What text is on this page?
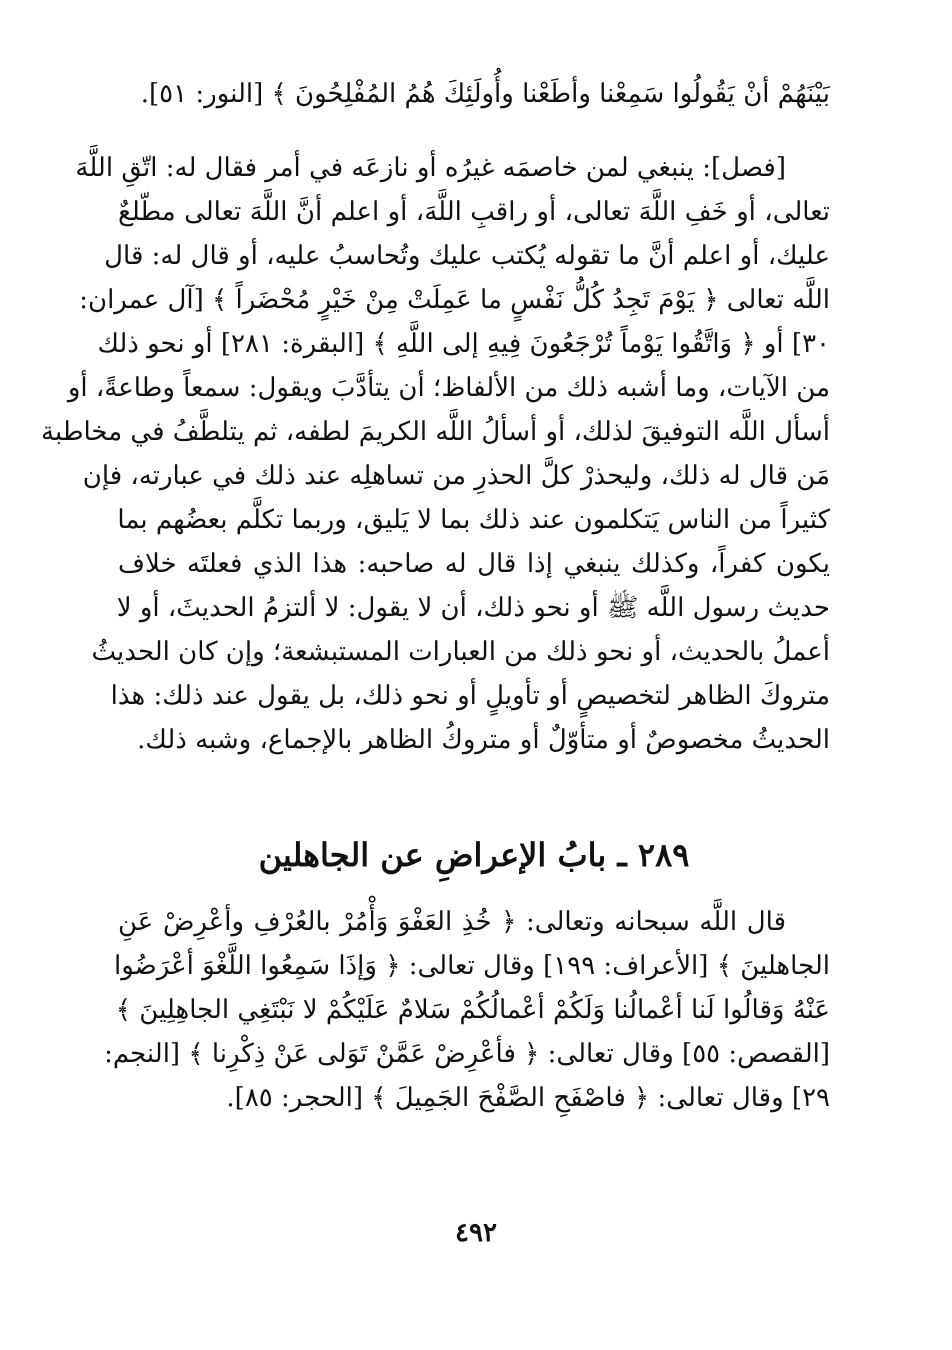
بَيْنَهُمْ أنْ يَقُولُوا سَمِعْنا وأطَعْنا وأُولَئِكَ هُمُ المُفْلِحُونَ ﴾ [النور: ٥١].
[فصل]: ينبغي لمن خاصمَه غيرُه أو نازعَه في أمر فقال له: اتّقِ اللَّهَ
تعالى، أو خَفِ اللَّهَ تعالى، أو راقبِ اللَّهَ، أو اعلم أنَّ اللَّهَ تعالى مطّلعٌ
عليك، أو اعلم أنَّ ما تقوله يُكتب عليك وتُحاسبُ عليه، أو قال له: قال
اللَّه تعالى ﴿ يَوْمَ تَجِدُ كُلُّ نَفْسٍ ما عَمِلَتْ مِنْ خَيْرٍ مُحْضَراً ﴾ [آل عمران:
٣٠] أو ﴿ وَاتَّقُوا يَوْماً تُرْجَعُونَ فِيهِ إلى اللَّهِ ﴾ [البقرة: ٢٨١] أو نحو ذلك
من الآيات، وما أشبه ذلك من الألفاظ؛ أن يتأدَّبَ ويقول: سمعاً وطاعةً، أو
أسأل اللَّه التوفيقَ لذلك، أو أسألُ اللَّه الكريمَ لطفه، ثم يتلطَّفُ في مخاطبة
مَن قال له ذلك، وليحذرْ كلَّ الحذرِ من تساهلِه عند ذلك في عبارته، فإن
كثيراً من الناس يَتكلمون عند ذلك بما لا يَليق، وربما تكلَّم بعضُهم بما
يكون كفراً، وكذلك ينبغي إذا قال له صاحبه: هذا الذي فعلتَه خلاف
حديث رسول اللَّه ﷺ أو نحو ذلك، أن لا يقول: لا ألتزمُ الحديثَ، أو لا
أعملُ بالحديث، أو نحو ذلك من العبارات المستبشعة؛ وإن كان الحديثُ
متروكَ الظاهر لتخصيصٍ أو تأويلٍ أو نحو ذلك، بل يقول عند ذلك: هذا
الحديثُ مخصوصٌ أو متأوّلٌ أو متروكُ الظاهر بالإجماع، وشبه ذلك.
٢٨٩ ـ بابُ الإعراضِ عن الجاهلين
قال اللَّه سبحانه وتعالى: ﴿ خُذِ العَفْوَ وَأْمُرْ بالعُرْفِ وأعْرِضْ عَنِ
الجاهلينَ ﴾ [الأعراف: ١٩٩] وقال تعالى: ﴿ وَإذَا سَمِعُوا اللَّغْوَ أعْرَضُوا
عَنْهُ وَقالُوا لَنا أعْمالُنا وَلَكُمْ أعْمالُكُمْ سَلامٌ عَلَيْكُمْ لا نَبْتَغِي الجاهِلِينَ ﴾
[القصص: ٥٥] وقال تعالى: ﴿ فأعْرِضْ عَمَّنْ تَوَلى عَنْ ذِكْرِنا ﴾ [النجم:
٢٩] وقال تعالى: ﴿ فاصْفَحِ الصَّفْحَ الجَمِيلَ ﴾ [الحجر: ٨٥].
٤٩٢
